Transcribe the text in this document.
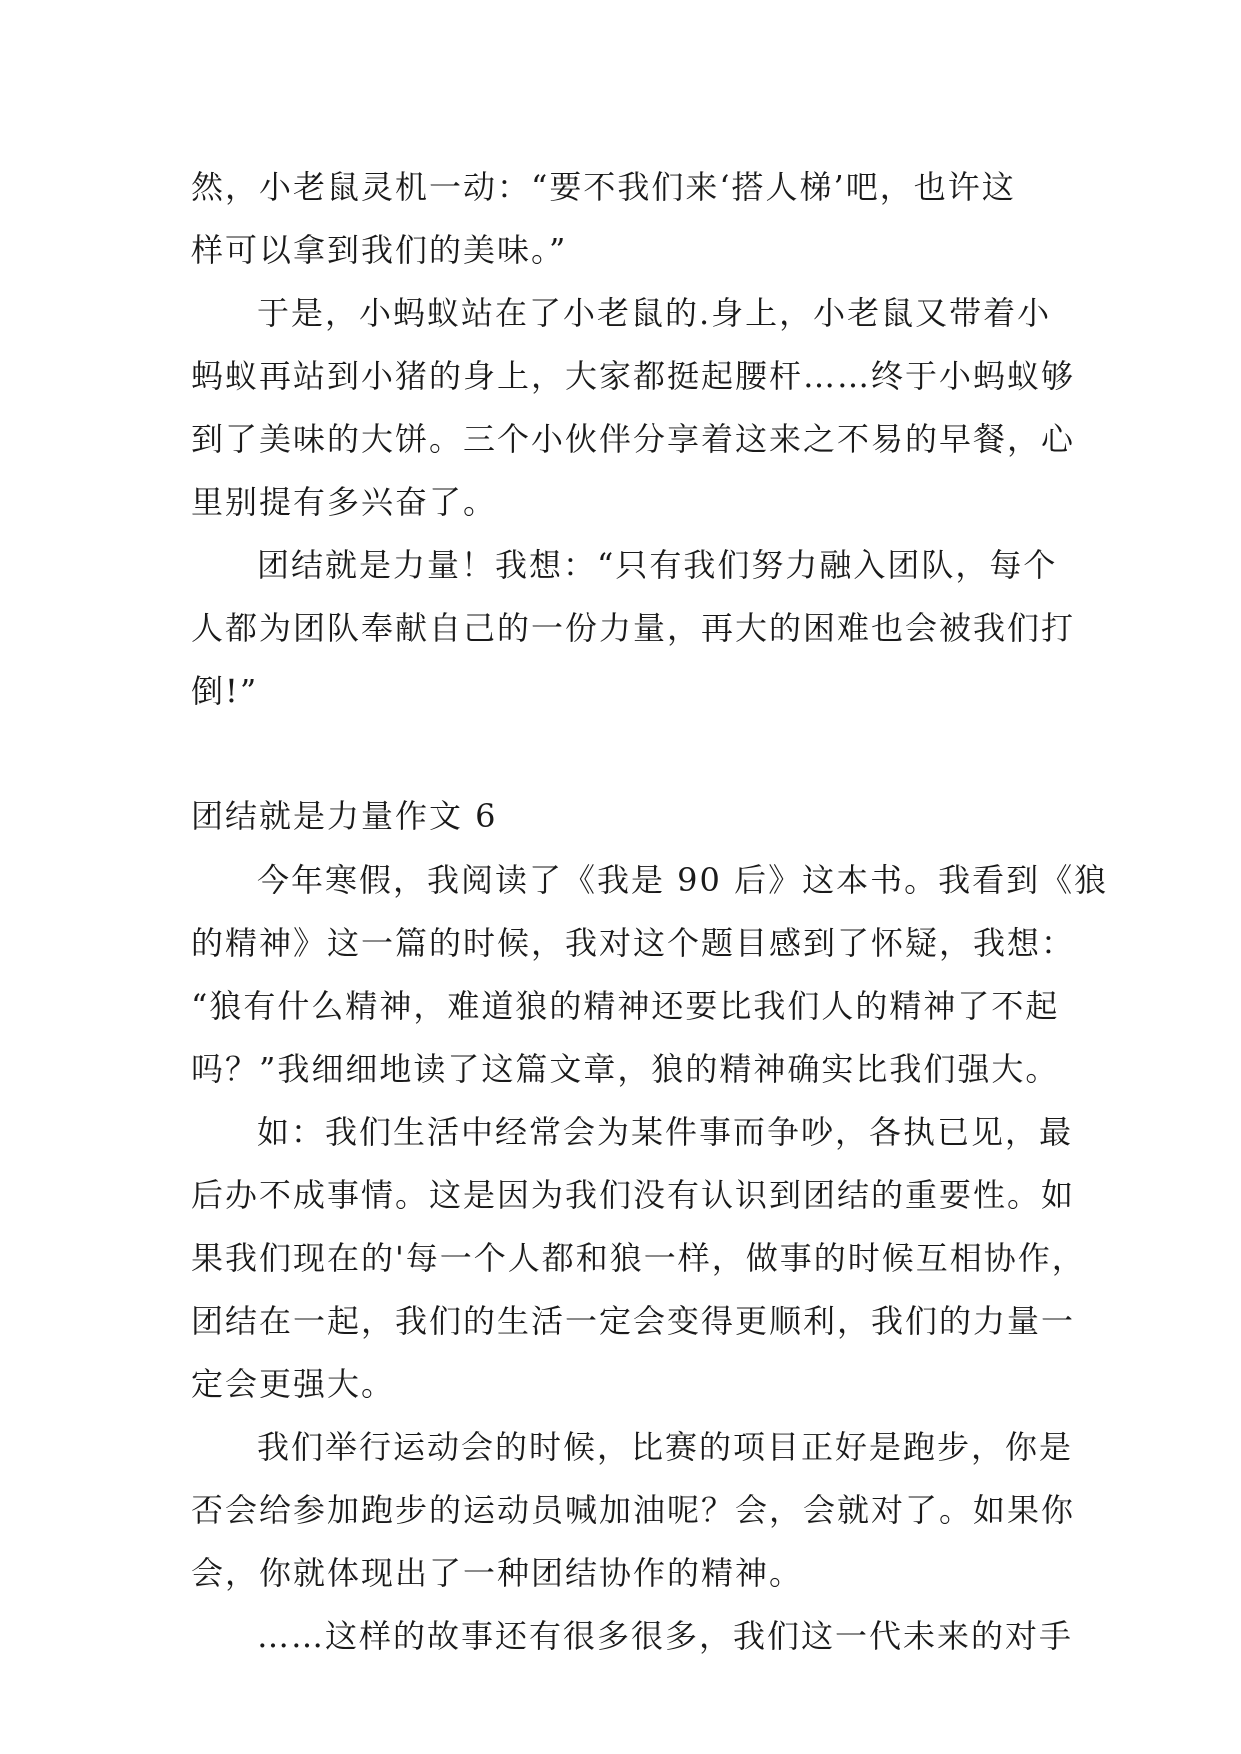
然，小老鼠灵机一动：“要不我们来‘搭人梯’吧，也许这
样可以拿到我们的美味。”
于是，小蚂蚁站在了小老鼠的.身上，小老鼠又带着小
蚂蚁再站到小猪的身上，大家都挺起腰杆……终于小蚂蚁够
到了美味的大饼。三个小伙伴分享着这来之不易的早餐，心
里别提有多兴奋了。
团结就是力量！我想：“只有我们努力融入团队，每个
人都为团队奉献自己的一份力量，再大的困难也会被我们打
倒!”
团结就是力量作文 6
今年寒假，我阅读了《我是 90 后》这本书。我看到《狼
的精神》这一篇的时候，我对这个题目感到了怀疑，我想：
“狼有什么精神，难道狼的精神还要比我们人的精神了不起
吗？”我细细地读了这篇文章，狼的精神确实比我们强大。
如：我们生活中经常会为某件事而争吵，各执已见，最
后办不成事情。这是因为我们没有认识到团结的重要性。如
果我们现在的'每一个人都和狼一样，做事的时候互相协作，
团结在一起，我们的生活一定会变得更顺利，我们的力量一
定会更强大。
我们举行运动会的时候，比赛的项目正好是跑步，你是
否会给参加跑步的运动员喊加油呢？会，会就对了。如果你
会，你就体现出了一种团结协作的精神。
……这样的故事还有很多很多，我们这一代未来的对手
